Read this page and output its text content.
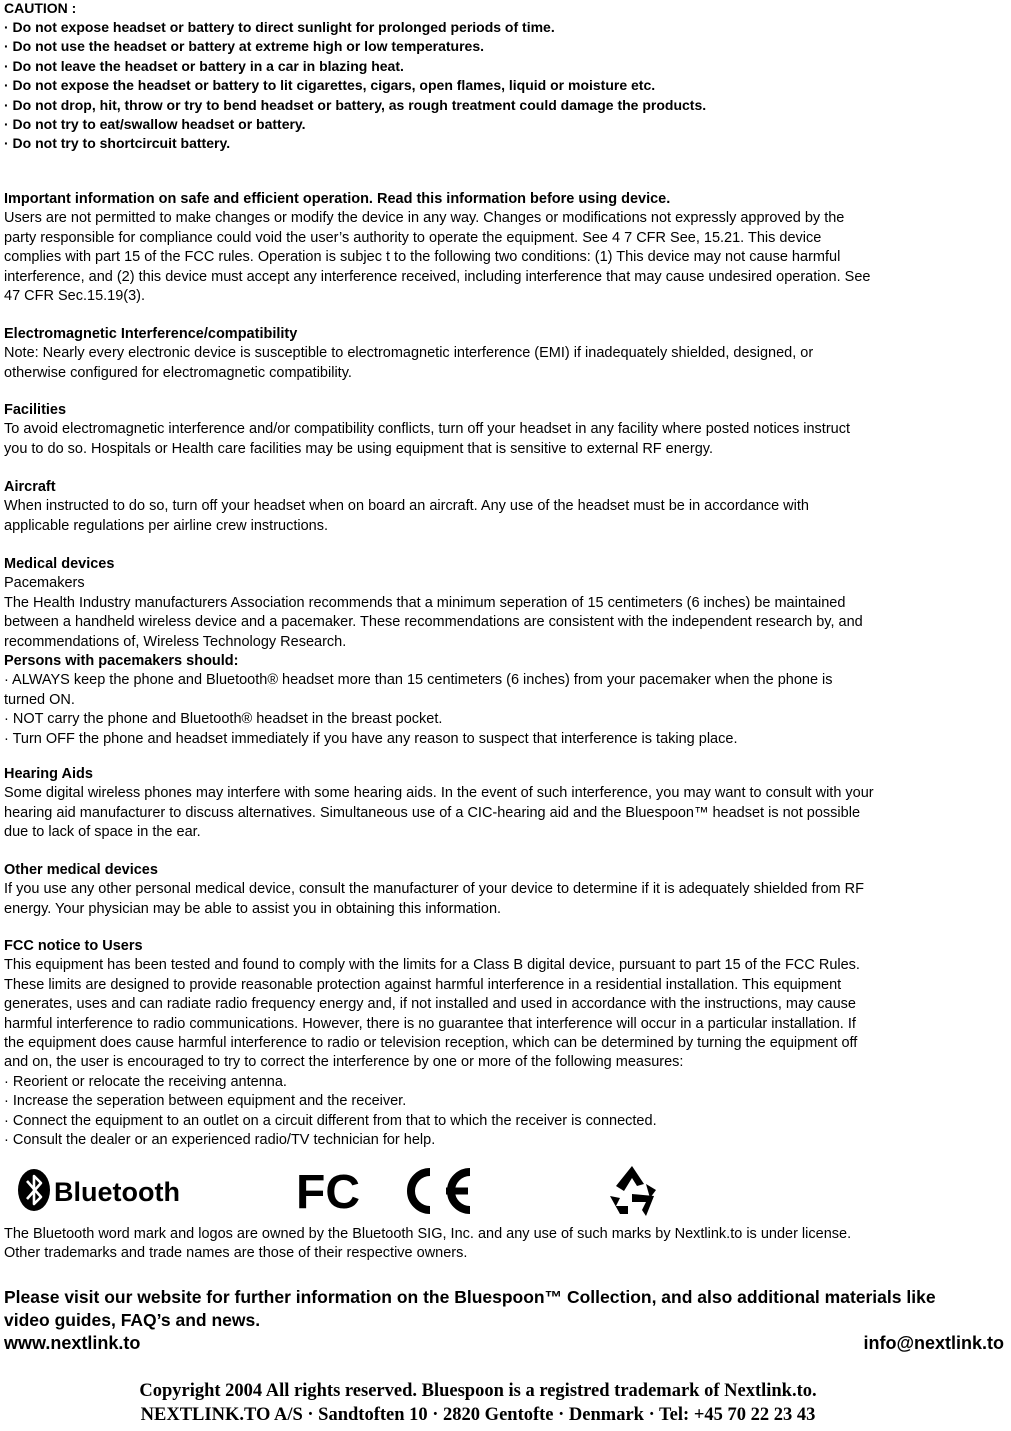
CAUTION :

· Do not expose headset or battery to direct sunlight for prolonged periods of time.

· Do not use the headset or battery at extreme high or low temperatures.

· Do not leave the headset or battery in a car in blazing heat.

· Do not expose the headset or battery to lit cigarettes, cigars, open flames, liquid or moisture etc.

· Do not drop, hit, throw or try to bend headset or battery, as rough treatment could damage the products.

· Do not try to eat/swallow headset or battery.

· Do not try to shortcircuit battery.

Important information on safe and efficient operation. Read this information before using device.

Users are not permitted to make changes or modify the device in any way. Changes or modifications not expressly approved by the

party responsible for compliance could void the user’s authority to operate the equipment. See 4 7 CFR See, 15.21. This device

complies with part 15 of the FCC rules. Operation is subjec t to the following two conditions: (1) This device may not cause harmful

interference, and (2) this device must accept any interference received, including interference that may cause undesired operation. See

47 CFR Sec.15.19(3).

Electromagnetic Interference/compatibility

Note: Nearly every electronic device is susceptible to electromagnetic interference (EMI) if inadequately shielded, designed, or

otherwise configured for electromagnetic compatibility.

Facilities

To avoid electromagnetic interference and/or compatibility conflicts, turn off your headset in any facility where posted notices instruct

you to do so. Hospitals or Health care facilities may be using equipment that is sensitive to external RF energy.

Aircraft

When instructed to do so, turn off your headset when on board an aircraft. Any use of the headset must be in accordance with

applicable regulations per airline crew instructions.

Medical devices

Pacemakers

The Health Industry manufacturers Association recommends that a minimum seperation of 15 centimeters (6 inches) be maintained

between a handheld wireless device and a pacemaker. These recommendations are consistent with the independent research by, and

recommendations of, Wireless Technology Research.

Persons with pacemakers should:

· ALWAYS keep the phone and Bluetooth® headset more than 15 centimeters (6 inches) from your pacemaker when the phone is

turned ON.

· NOT carry the phone and Bluetooth® headset in the breast pocket.

· Turn OFF the phone and headset immediately if you have any reason to suspect that interference is taking place.

Hearing Aids

Some digital wireless phones may interfere with some hearing aids. In the event of such interference, you may want to consult with your

hearing aid manufacturer to discuss alternatives. Simultaneous use of a CIC-hearing aid and the Bluespoon™ headset is not possible

due to lack of space in the ear.

Other medical devices

If you use any other personal medical device, consult the manufacturer of your device to determine if it is adequately shielded from RF

energy. Your physician may be able to assist you in obtaining this information.

FCC notice to Users

This equipment has been tested and found to comply with the limits for a Class B digital device, pursuant to part 15 of the FCC Rules.

These limits are designed to provide reasonable protection against harmful interference in a residential installation. This equipment

generates, uses and can radiate radio frequency energy and, if not installed and used in accordance with the instructions, may cause

harmful interference to radio communications. However, there is no guarantee that interference will occur in a particular installation. If

the equipment does cause harmful interference to radio or television reception, which can be determined by turning the equipment off

and on, the user is encouraged to try to correct the interference by one or more of the following measures:

· Reorient or relocate the receiving antenna.

· Increase the seperation between equipment and the receiver.

· Connect the equipment to an outlet on a circuit different from that to which the receiver is connected.

· Consult the dealer or an experienced radio/TV technician for help.

Bluetooth FC
CE

The Bluetooth word mark and logos are owned by the Bluetooth SIG, Inc. and any use of such marks by Nextlink.to is under license.

Other trademarks and trade names are those of their respective owners.

Please visit our website for further information on the Bluespoon™ Collection, and also additional materials like

video guides, FAQ’s and news.

www.nextlink.to	info@nextlink.to

Copyright 2004 All rights reserved. Bluespoon is a registred trademark of Nextlink.to.

NEXTLINK.TO A/S · Sandtoften 10 · 2820 Gentofte · Denmark · Tel: +45 70 22 23 43
